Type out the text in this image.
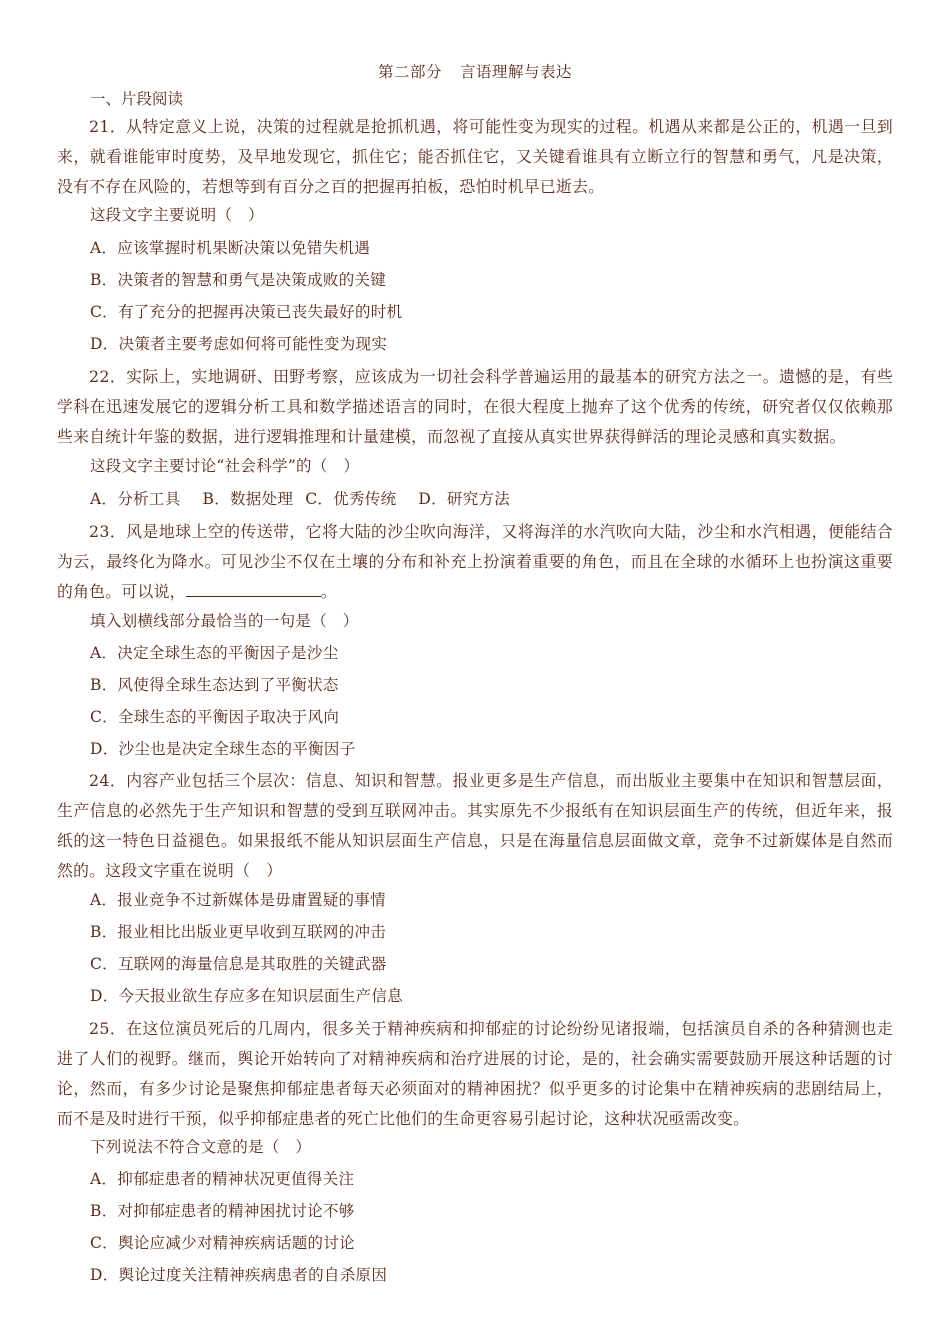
第二部分 言语理解与表达
一、片段阅读
21．从特定意义上说，决策的过程就是抢抓机遇，将可能性变为现实的过程。机遇从来都是公正的，机遇一旦到来，就看谁能审时度势，及早地发现它，抓住它；能否抓住它，又关键看谁具有立断立行的智慧和勇气，凡是决策，没有不存在风险的，若想等到有百分之百的把握再拍板，恐怕时机早已逝去。
这段文字主要说明（　）
A．应该掌握时机果断决策以免错失机遇
B．决策者的智慧和勇气是决策成败的关键
C．有了充分的把握再决策已丧失最好的时机
D．决策者主要考虑如何将可能性变为现实
22．实际上，实地调研、田野考察，应该成为一切社会科学普遍运用的最基本的研究方法之一。遗憾的是，有些学科在迅速发展它的逻辑分析工具和数学描述语言的同时，在很大程度上抛弃了这个优秀的传统，研究者仅仅依赖那些来自统计年鉴的数据，进行逻辑推理和计量建模，而忽视了直接从真实世界获得鲜活的理论灵感和真实数据。
这段文字主要讨论“社会科学”的（　）
A．分析工具 B．数据处理 C．优秀传统 D．研究方法
23．风是地球上空的传送带，它将大陆的沙尘吹向海洋，又将海洋的水汽吹向大陆，沙尘和水汽相遇，便能结合为云，最终化为降水。可见沙尘不仅在土壤的分布和补充上扮演着重要的角色，而且在全球的水循环上也扮演这重要的角色。可以说，	。
填入划横线部分最恰当的一句是（　）
A．决定全球生态的平衡因子是沙尘
B．风使得全球生态达到了平衡状态
C．全球生态的平衡因子取决于风向
D．沙尘也是决定全球生态的平衡因子
24．内容产业包括三个层次：信息、知识和智慧。报业更多是生产信息，而出版业主要集中在知识和智慧层面，生产信息的必然先于生产知识和智慧的受到互联网冲击。其实原先不少报纸有在知识层面生产的传统，但近年来，报纸的这一特色日益褪色。如果报纸不能从知识层面生产信息，只是在海量信息层面做文章，竞争不过新媒体是自然而然的。这段文字重在说明（　）
A．报业竞争不过新媒体是毋庸置疑的事情
B．报业相比出版业更早收到互联网的冲击
C．互联网的海量信息是其取胜的关键武器
D．今天报业欲生存应多在知识层面生产信息
25．在这位演员死后的几周内，很多关于精神疾病和抑郁症的讨论纷纷见诸报端，包括演员自杀的各种猜测也走进了人们的视野。继而，舆论开始转向了对精神疾病和治疗进展的讨论，是的，社会确实需要鼓励开展这种话题的讨论，然而，有多少讨论是聚焦抑郁症患者每天必须面对的精神困扰？似乎更多的讨论集中在精神疾病的悲剧结局上，而不是及时进行干预，似乎抑郁症患者的死亡比他们的生命更容易引起讨论，这种状况亟需改变。
下列说法不符合文意的是（　）
A．抑郁症患者的精神状况更值得关注
B．对抑郁症患者的精神困扰讨论不够
C．舆论应减少对精神疾病话题的讨论
D．舆论过度关注精神疾病患者的自杀原因
